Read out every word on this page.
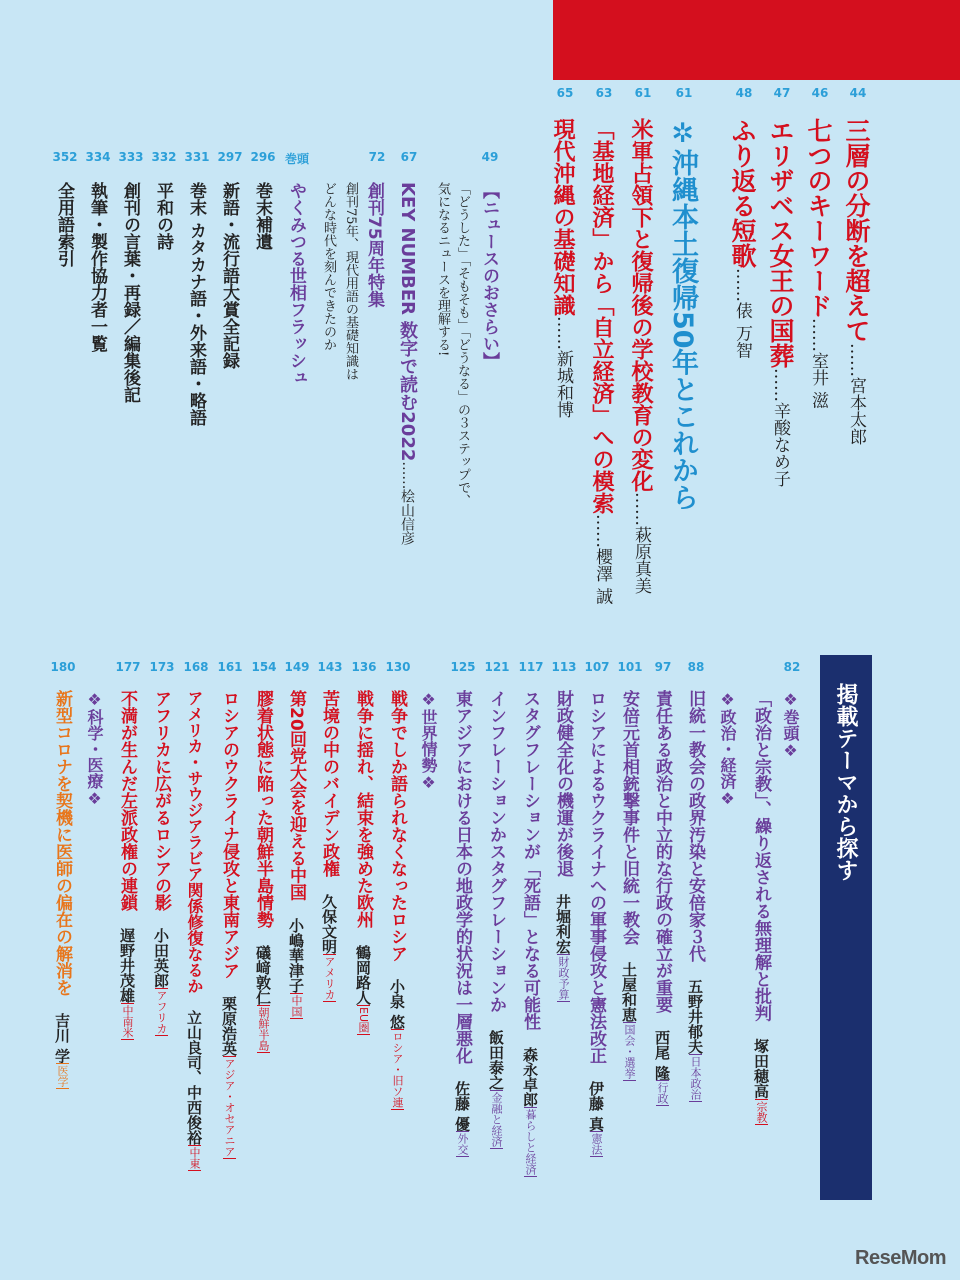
44
46
47
48
61
61
63
65
三層の分断を超えて……宮本太郎
七つのキーワード……室井 滋
エリザベス女王の国葬……辛酸なめ子
ふり返る短歌……俵 万智
✲沖縄本土復帰50年とこれから
米軍占領下と復帰後の学校教育の変化……萩原真美
「基地経済」から「自立経済」への模索……櫻澤 誠
現代沖縄の基礎知識……新城和博
49
67
72
巻頭
296
297
331
332
333
334
352
【ニュースのおさらい】
「どうした」「そもそも」「どうなる」の３ステップで、
気になるニュースを理解する!
KEY NUMBER 数字で読む2022……桧山信彦
創刊75周年特集
創刊75年、現代用語の基礎知識は
どんな時代を刻んできたのか
やくみつる世相フラッシュ
巻末補遺
新語・流行語大賞全記録
巻末 カタカナ語・外来語・略語
平和の詩
創刊の言葉・再録／編集後記
執筆・製作協力者一覧
全用語索引
掲載テーマから探す
82
88
97
101
107
113
117
121
125
130
136
143
149
154
161
168
173
177
180
❖巻頭❖
「政治と宗教」、繰り返される無理解と批判　塚田穂高宗教
❖政治・経済❖
旧統一教会の政界汚染と安倍家３代　五野井郁夫日本政治
責任ある政治と中立的な行政の確立が重要　西尾 隆行政
安倍元首相銃撃事件と旧統一教会　土屋和恵国会・選挙
ロシアによるウクライナへの軍事侵攻と憲法改正　伊藤 真憲法
財政健全化の機運が後退　井堀利宏財政予算
スタグフレーションが「死語」となる可能性　森永卓郎暮らしと経済
インフレーションかスタグフレーションか　飯田泰之金融と経済
東アジアにおける日本の地政学的状況は一層悪化　佐藤 優外交
❖世界情勢❖
戦争でしか語られなくなったロシア　小泉 悠ロシア・旧ソ連
戦争に揺れ、結束を強めた欧州　鶴岡路人EU圏
苦境の中のバイデン政権　久保文明アメリカ
第20回党大会を迎える中国　小嶋華津子中国
膠着状態に陥った朝鮮半島情勢　礒﨑敦仁朝鮮半島
ロシアのウクライナ侵攻と東南アジア　栗原浩英アジア・オセアニア
アメリカ・サウジアラビア関係修復なるか　立山良司、中西俊裕中東
アフリカに広がるロシアの影　小田英郎アフリカ
不満が生んだ左派政権の連鎖　遅野井茂雄中南米
❖科学・医療❖
新型コロナを契機に医師の偏在の解消を　吉川 学医学
ReseMom
